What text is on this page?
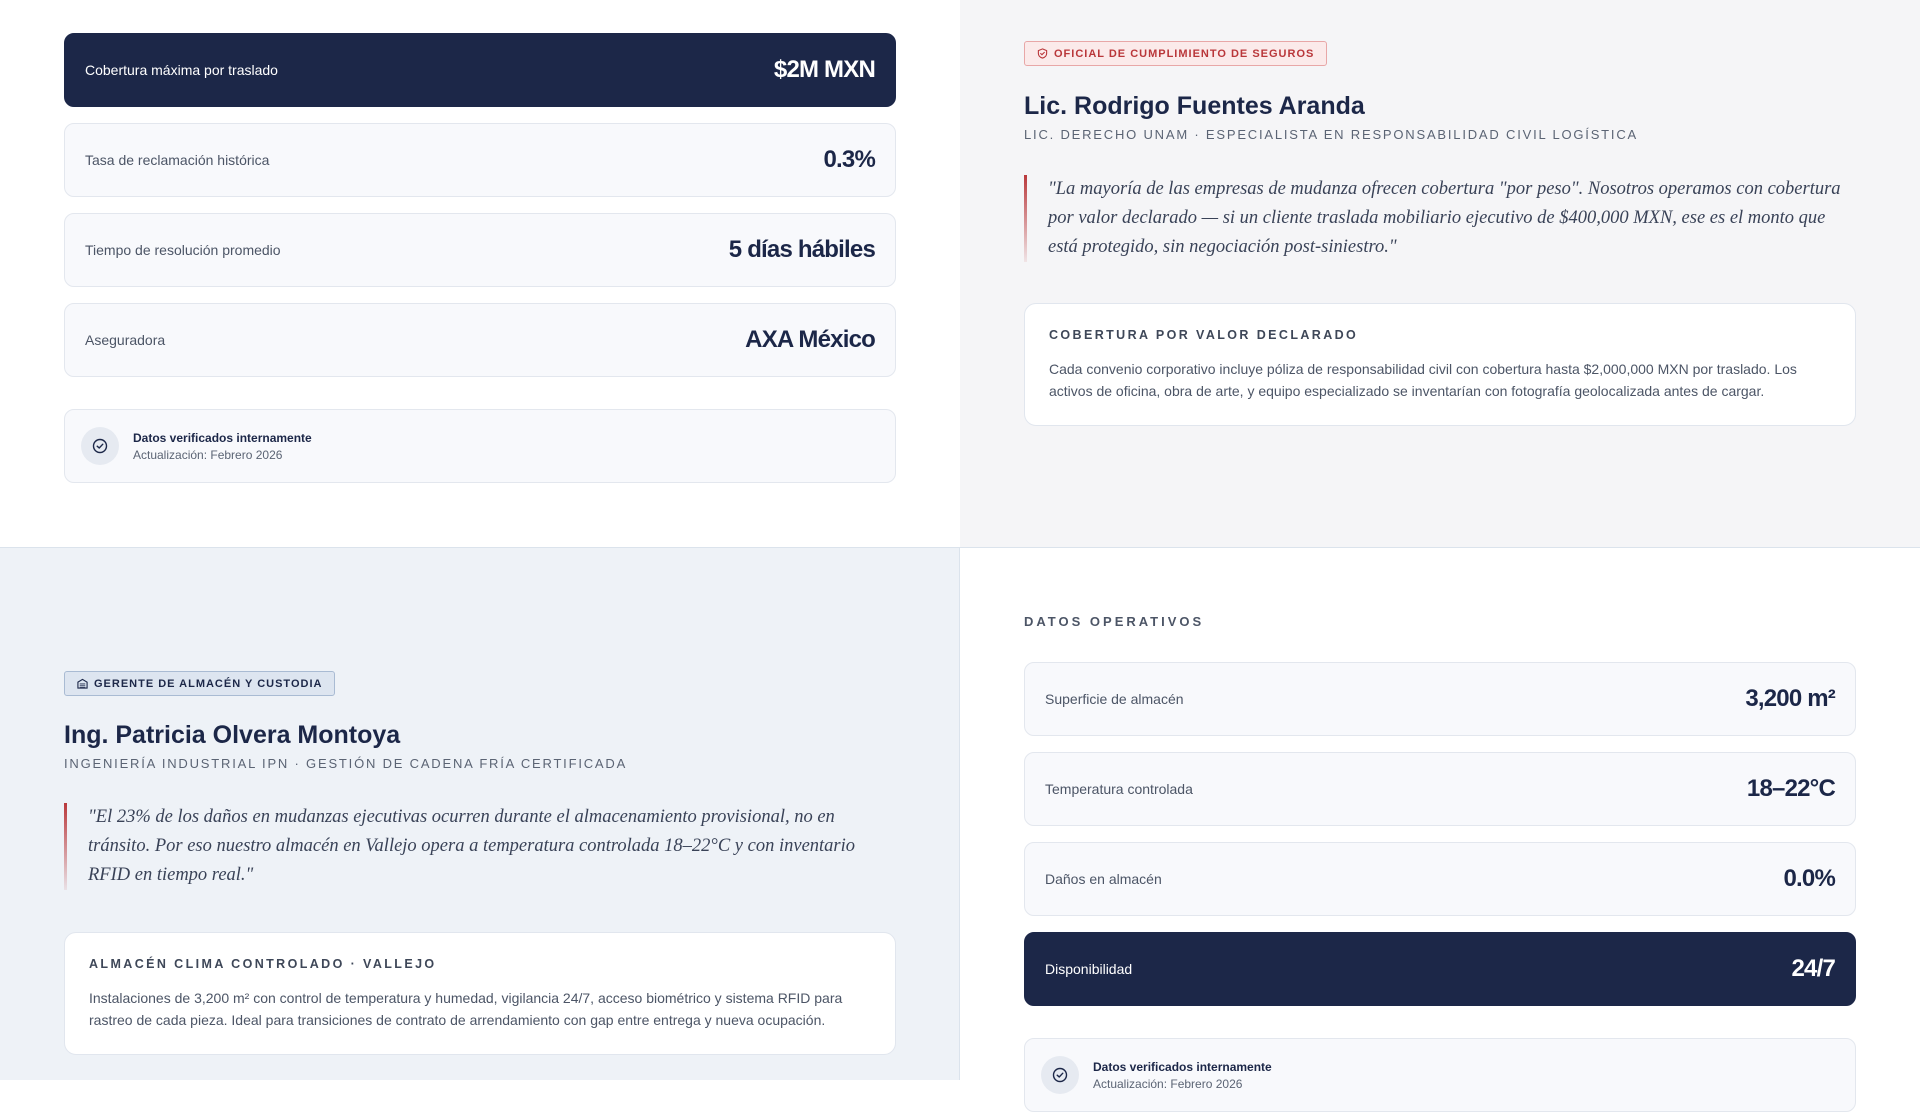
Cobertura máxima por traslado	$2M MXN
Tasa de reclamación histórica	0.3%
Tiempo de resolución promedio	5 días hábiles
Aseguradora	AXA México
Datos verificados internamente
Actualización: Febrero 2026
OFICIAL DE CUMPLIMIENTO DE SEGUROS
Lic. Rodrigo Fuentes Aranda
LIC. DERECHO UNAM · ESPECIALISTA EN RESPONSABILIDAD CIVIL LOGÍSTICA
"La mayoría de las empresas de mudanza ofrecen cobertura "por peso". Nosotros operamos con cobertura por valor declarado — si un cliente traslada mobiliario ejecutivo de $400,000 MXN, ese es el monto que está protegido, sin negociación post-siniestro."
COBERTURA POR VALOR DECLARADO
Cada convenio corporativo incluye póliza de responsabilidad civil con cobertura hasta $2,000,000 MXN por traslado. Los activos de oficina, obra de arte, y equipo especializado se inventarían con fotografía geolocalizada antes de cargar.
GERENTE DE ALMACÉN Y CUSTODIA
Ing. Patricia Olvera Montoya
INGENIERÍA INDUSTRIAL IPN · GESTIÓN DE CADENA FRÍA CERTIFICADA
"El 23% de los daños en mudanzas ejecutivas ocurren durante el almacenamiento provisional, no en tránsito. Por eso nuestro almacén en Vallejo opera a temperatura controlada 18–22°C y con inventario RFID en tiempo real."
ALMACÉN CLIMA CONTROLADO · VALLEJO
Instalaciones de 3,200 m² con control de temperatura y humedad, vigilancia 24/7, acceso biométrico y sistema RFID para rastreo de cada pieza. Ideal para transiciones de contrato de arrendamiento con gap entre entrega y nueva ocupación.
DATOS OPERATIVOS
Superficie de almacén	3,200 m²
Temperatura controlada	18–22°C
Daños en almacén	0.0%
Disponibilidad	24/7
Datos verificados internamente
Actualización: Febrero 2026
